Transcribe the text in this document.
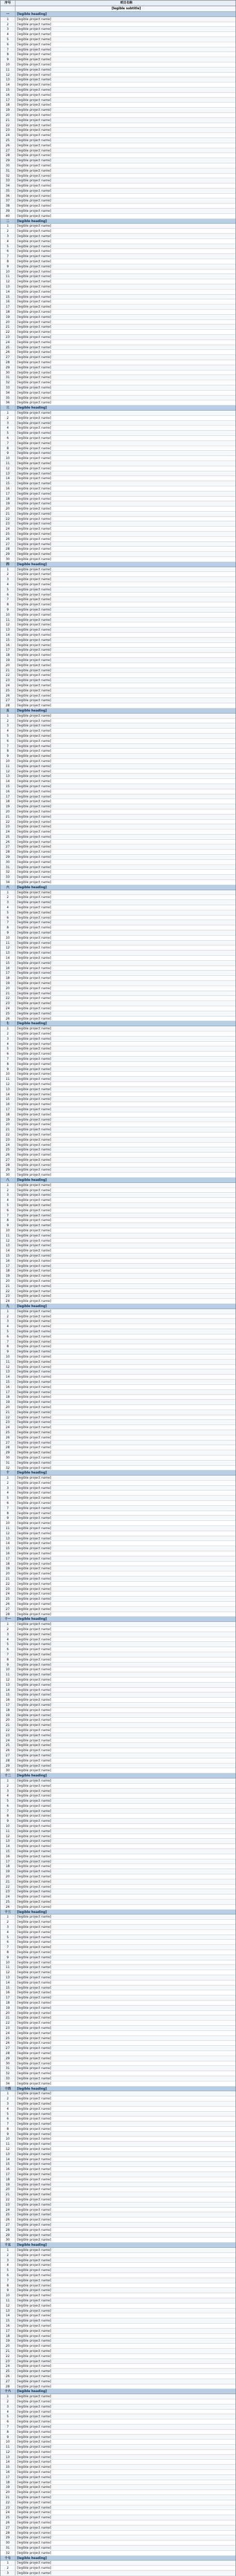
序号	项目名称
[legible subtitle]
一	[legible heading]
1	[legible project name]
2	[legible project name]
3	[legible project name]
4	[legible project name]
5	[legible project name]
6	[legible project name]
7	[legible project name]
8	[legible project name]
9	[legible project name]
10	[legible project name]
11	[legible project name]
12	[legible project name]
13	[legible project name]
14	[legible project name]
15	[legible project name]
16	[legible project name]
17	[legible project name]
18	[legible project name]
19	[legible project name]
20	[legible project name]
21	[legible project name]
22	[legible project name]
23	[legible project name]
24	[legible project name]
25	[legible project name]
26	[legible project name]
27	[legible project name]
28	[legible project name]
29	[legible project name]
30	[legible project name]
31	[legible project name]
32	[legible project name]
33	[legible project name]
34	[legible project name]
35	[legible project name]
36	[legible project name]
37	[legible project name]
38	[legible project name]
39	[legible project name]
40	[legible project name]
二	[legible heading]
1	[legible project name]
2	[legible project name]
3	[legible project name]
4	[legible project name]
5	[legible project name]
6	[legible project name]
7	[legible project name]
8	[legible project name]
9	[legible project name]
10	[legible project name]
11	[legible project name]
12	[legible project name]
13	[legible project name]
14	[legible project name]
15	[legible project name]
16	[legible project name]
17	[legible project name]
18	[legible project name]
19	[legible project name]
20	[legible project name]
21	[legible project name]
22	[legible project name]
23	[legible project name]
24	[legible project name]
25	[legible project name]
26	[legible project name]
27	[legible project name]
28	[legible project name]
29	[legible project name]
30	[legible project name]
31	[legible project name]
32	[legible project name]
33	[legible project name]
34	[legible project name]
35	[legible project name]
36	[legible project name]
三	[legible heading]
1	[legible project name]
2	[legible project name]
3	[legible project name]
4	[legible project name]
5	[legible project name]
6	[legible project name]
7	[legible project name]
8	[legible project name]
9	[legible project name]
10	[legible project name]
11	[legible project name]
12	[legible project name]
13	[legible project name]
14	[legible project name]
15	[legible project name]
16	[legible project name]
17	[legible project name]
18	[legible project name]
19	[legible project name]
20	[legible project name]
21	[legible project name]
22	[legible project name]
23	[legible project name]
24	[legible project name]
25	[legible project name]
26	[legible project name]
27	[legible project name]
28	[legible project name]
29	[legible project name]
30	[legible project name]
四	[legible heading]
1	[legible project name]
2	[legible project name]
3	[legible project name]
4	[legible project name]
5	[legible project name]
6	[legible project name]
7	[legible project name]
8	[legible project name]
9	[legible project name]
10	[legible project name]
11	[legible project name]
12	[legible project name]
13	[legible project name]
14	[legible project name]
15	[legible project name]
16	[legible project name]
17	[legible project name]
18	[legible project name]
19	[legible project name]
20	[legible project name]
21	[legible project name]
22	[legible project name]
23	[legible project name]
24	[legible project name]
25	[legible project name]
26	[legible project name]
27	[legible project name]
28	[legible project name]
五	[legible heading]
1	[legible project name]
2	[legible project name]
3	[legible project name]
4	[legible project name]
5	[legible project name]
6	[legible project name]
7	[legible project name]
8	[legible project name]
9	[legible project name]
10	[legible project name]
11	[legible project name]
12	[legible project name]
13	[legible project name]
14	[legible project name]
15	[legible project name]
16	[legible project name]
17	[legible project name]
18	[legible project name]
19	[legible project name]
20	[legible project name]
21	[legible project name]
22	[legible project name]
23	[legible project name]
24	[legible project name]
25	[legible project name]
26	[legible project name]
27	[legible project name]
28	[legible project name]
29	[legible project name]
30	[legible project name]
31	[legible project name]
32	[legible project name]
33	[legible project name]
34	[legible project name]
六	[legible heading]
1	[legible project name]
2	[legible project name]
3	[legible project name]
4	[legible project name]
5	[legible project name]
6	[legible project name]
7	[legible project name]
8	[legible project name]
9	[legible project name]
10	[legible project name]
11	[legible project name]
12	[legible project name]
13	[legible project name]
14	[legible project name]
15	[legible project name]
16	[legible project name]
17	[legible project name]
18	[legible project name]
19	[legible project name]
20	[legible project name]
21	[legible project name]
22	[legible project name]
23	[legible project name]
24	[legible project name]
25	[legible project name]
26	[legible project name]
七	[legible heading]
1	[legible project name]
2	[legible project name]
3	[legible project name]
4	[legible project name]
5	[legible project name]
6	[legible project name]
7	[legible project name]
8	[legible project name]
9	[legible project name]
10	[legible project name]
11	[legible project name]
12	[legible project name]
13	[legible project name]
14	[legible project name]
15	[legible project name]
16	[legible project name]
17	[legible project name]
18	[legible project name]
19	[legible project name]
20	[legible project name]
21	[legible project name]
22	[legible project name]
23	[legible project name]
24	[legible project name]
25	[legible project name]
26	[legible project name]
27	[legible project name]
28	[legible project name]
29	[legible project name]
30	[legible project name]
八	[legible heading]
1	[legible project name]
2	[legible project name]
3	[legible project name]
4	[legible project name]
5	[legible project name]
6	[legible project name]
7	[legible project name]
8	[legible project name]
9	[legible project name]
10	[legible project name]
11	[legible project name]
12	[legible project name]
13	[legible project name]
14	[legible project name]
15	[legible project name]
16	[legible project name]
17	[legible project name]
18	[legible project name]
19	[legible project name]
20	[legible project name]
21	[legible project name]
22	[legible project name]
23	[legible project name]
24	[legible project name]
九	[legible heading]
1	[legible project name]
2	[legible project name]
3	[legible project name]
4	[legible project name]
5	[legible project name]
6	[legible project name]
7	[legible project name]
8	[legible project name]
9	[legible project name]
10	[legible project name]
11	[legible project name]
12	[legible project name]
13	[legible project name]
14	[legible project name]
15	[legible project name]
16	[legible project name]
17	[legible project name]
18	[legible project name]
19	[legible project name]
20	[legible project name]
21	[legible project name]
22	[legible project name]
23	[legible project name]
24	[legible project name]
25	[legible project name]
26	[legible project name]
27	[legible project name]
28	[legible project name]
29	[legible project name]
30	[legible project name]
31	[legible project name]
32	[legible project name]
十	[legible heading]
1	[legible project name]
2	[legible project name]
3	[legible project name]
4	[legible project name]
5	[legible project name]
6	[legible project name]
7	[legible project name]
8	[legible project name]
9	[legible project name]
10	[legible project name]
11	[legible project name]
12	[legible project name]
13	[legible project name]
14	[legible project name]
15	[legible project name]
16	[legible project name]
17	[legible project name]
18	[legible project name]
19	[legible project name]
20	[legible project name]
21	[legible project name]
22	[legible project name]
23	[legible project name]
24	[legible project name]
25	[legible project name]
26	[legible project name]
27	[legible project name]
28	[legible project name]
十一	[legible heading]
1	[legible project name]
2	[legible project name]
3	[legible project name]
4	[legible project name]
5	[legible project name]
6	[legible project name]
7	[legible project name]
8	[legible project name]
9	[legible project name]
10	[legible project name]
11	[legible project name]
12	[legible project name]
13	[legible project name]
14	[legible project name]
15	[legible project name]
16	[legible project name]
17	[legible project name]
18	[legible project name]
19	[legible project name]
20	[legible project name]
21	[legible project name]
22	[legible project name]
23	[legible project name]
24	[legible project name]
25	[legible project name]
26	[legible project name]
27	[legible project name]
28	[legible project name]
29	[legible project name]
30	[legible project name]
十二	[legible heading]
1	[legible project name]
2	[legible project name]
3	[legible project name]
4	[legible project name]
5	[legible project name]
6	[legible project name]
7	[legible project name]
8	[legible project name]
9	[legible project name]
10	[legible project name]
11	[legible project name]
12	[legible project name]
13	[legible project name]
14	[legible project name]
15	[legible project name]
16	[legible project name]
17	[legible project name]
18	[legible project name]
19	[legible project name]
20	[legible project name]
21	[legible project name]
22	[legible project name]
23	[legible project name]
24	[legible project name]
25	[legible project name]
26	[legible project name]
十三	[legible heading]
1	[legible project name]
2	[legible project name]
3	[legible project name]
4	[legible project name]
5	[legible project name]
6	[legible project name]
7	[legible project name]
8	[legible project name]
9	[legible project name]
10	[legible project name]
11	[legible project name]
12	[legible project name]
13	[legible project name]
14	[legible project name]
15	[legible project name]
16	[legible project name]
17	[legible project name]
18	[legible project name]
19	[legible project name]
20	[legible project name]
21	[legible project name]
22	[legible project name]
23	[legible project name]
24	[legible project name]
25	[legible project name]
26	[legible project name]
27	[legible project name]
28	[legible project name]
29	[legible project name]
30	[legible project name]
31	[legible project name]
32	[legible project name]
33	[legible project name]
34	[legible project name]
十四	[legible heading]
1	[legible project name]
2	[legible project name]
3	[legible project name]
4	[legible project name]
5	[legible project name]
6	[legible project name]
7	[legible project name]
8	[legible project name]
9	[legible project name]
10	[legible project name]
11	[legible project name]
12	[legible project name]
13	[legible project name]
14	[legible project name]
15	[legible project name]
16	[legible project name]
17	[legible project name]
18	[legible project name]
19	[legible project name]
20	[legible project name]
21	[legible project name]
22	[legible project name]
23	[legible project name]
24	[legible project name]
25	[legible project name]
26	[legible project name]
27	[legible project name]
28	[legible project name]
29	[legible project name]
30	[legible project name]
十五	[legible heading]
1	[legible project name]
2	[legible project name]
3	[legible project name]
4	[legible project name]
5	[legible project name]
6	[legible project name]
7	[legible project name]
8	[legible project name]
9	[legible project name]
10	[legible project name]
11	[legible project name]
12	[legible project name]
13	[legible project name]
14	[legible project name]
15	[legible project name]
16	[legible project name]
17	[legible project name]
18	[legible project name]
19	[legible project name]
20	[legible project name]
21	[legible project name]
22	[legible project name]
23	[legible project name]
24	[legible project name]
25	[legible project name]
26	[legible project name]
27	[legible project name]
28	[legible project name]
十六	[legible heading]
1	[legible project name]
2	[legible project name]
3	[legible project name]
4	[legible project name]
5	[legible project name]
6	[legible project name]
7	[legible project name]
8	[legible project name]
9	[legible project name]
10	[legible project name]
11	[legible project name]
12	[legible project name]
13	[legible project name]
14	[legible project name]
15	[legible project name]
16	[legible project name]
17	[legible project name]
18	[legible project name]
19	[legible project name]
20	[legible project name]
21	[legible project name]
22	[legible project name]
23	[legible project name]
24	[legible project name]
25	[legible project name]
26	[legible project name]
27	[legible project name]
28	[legible project name]
29	[legible project name]
30	[legible project name]
31	[legible project name]
32	[legible project name]
十七	[legible heading]
1	[legible project name]
2	[legible project name]
3	[legible project name]
